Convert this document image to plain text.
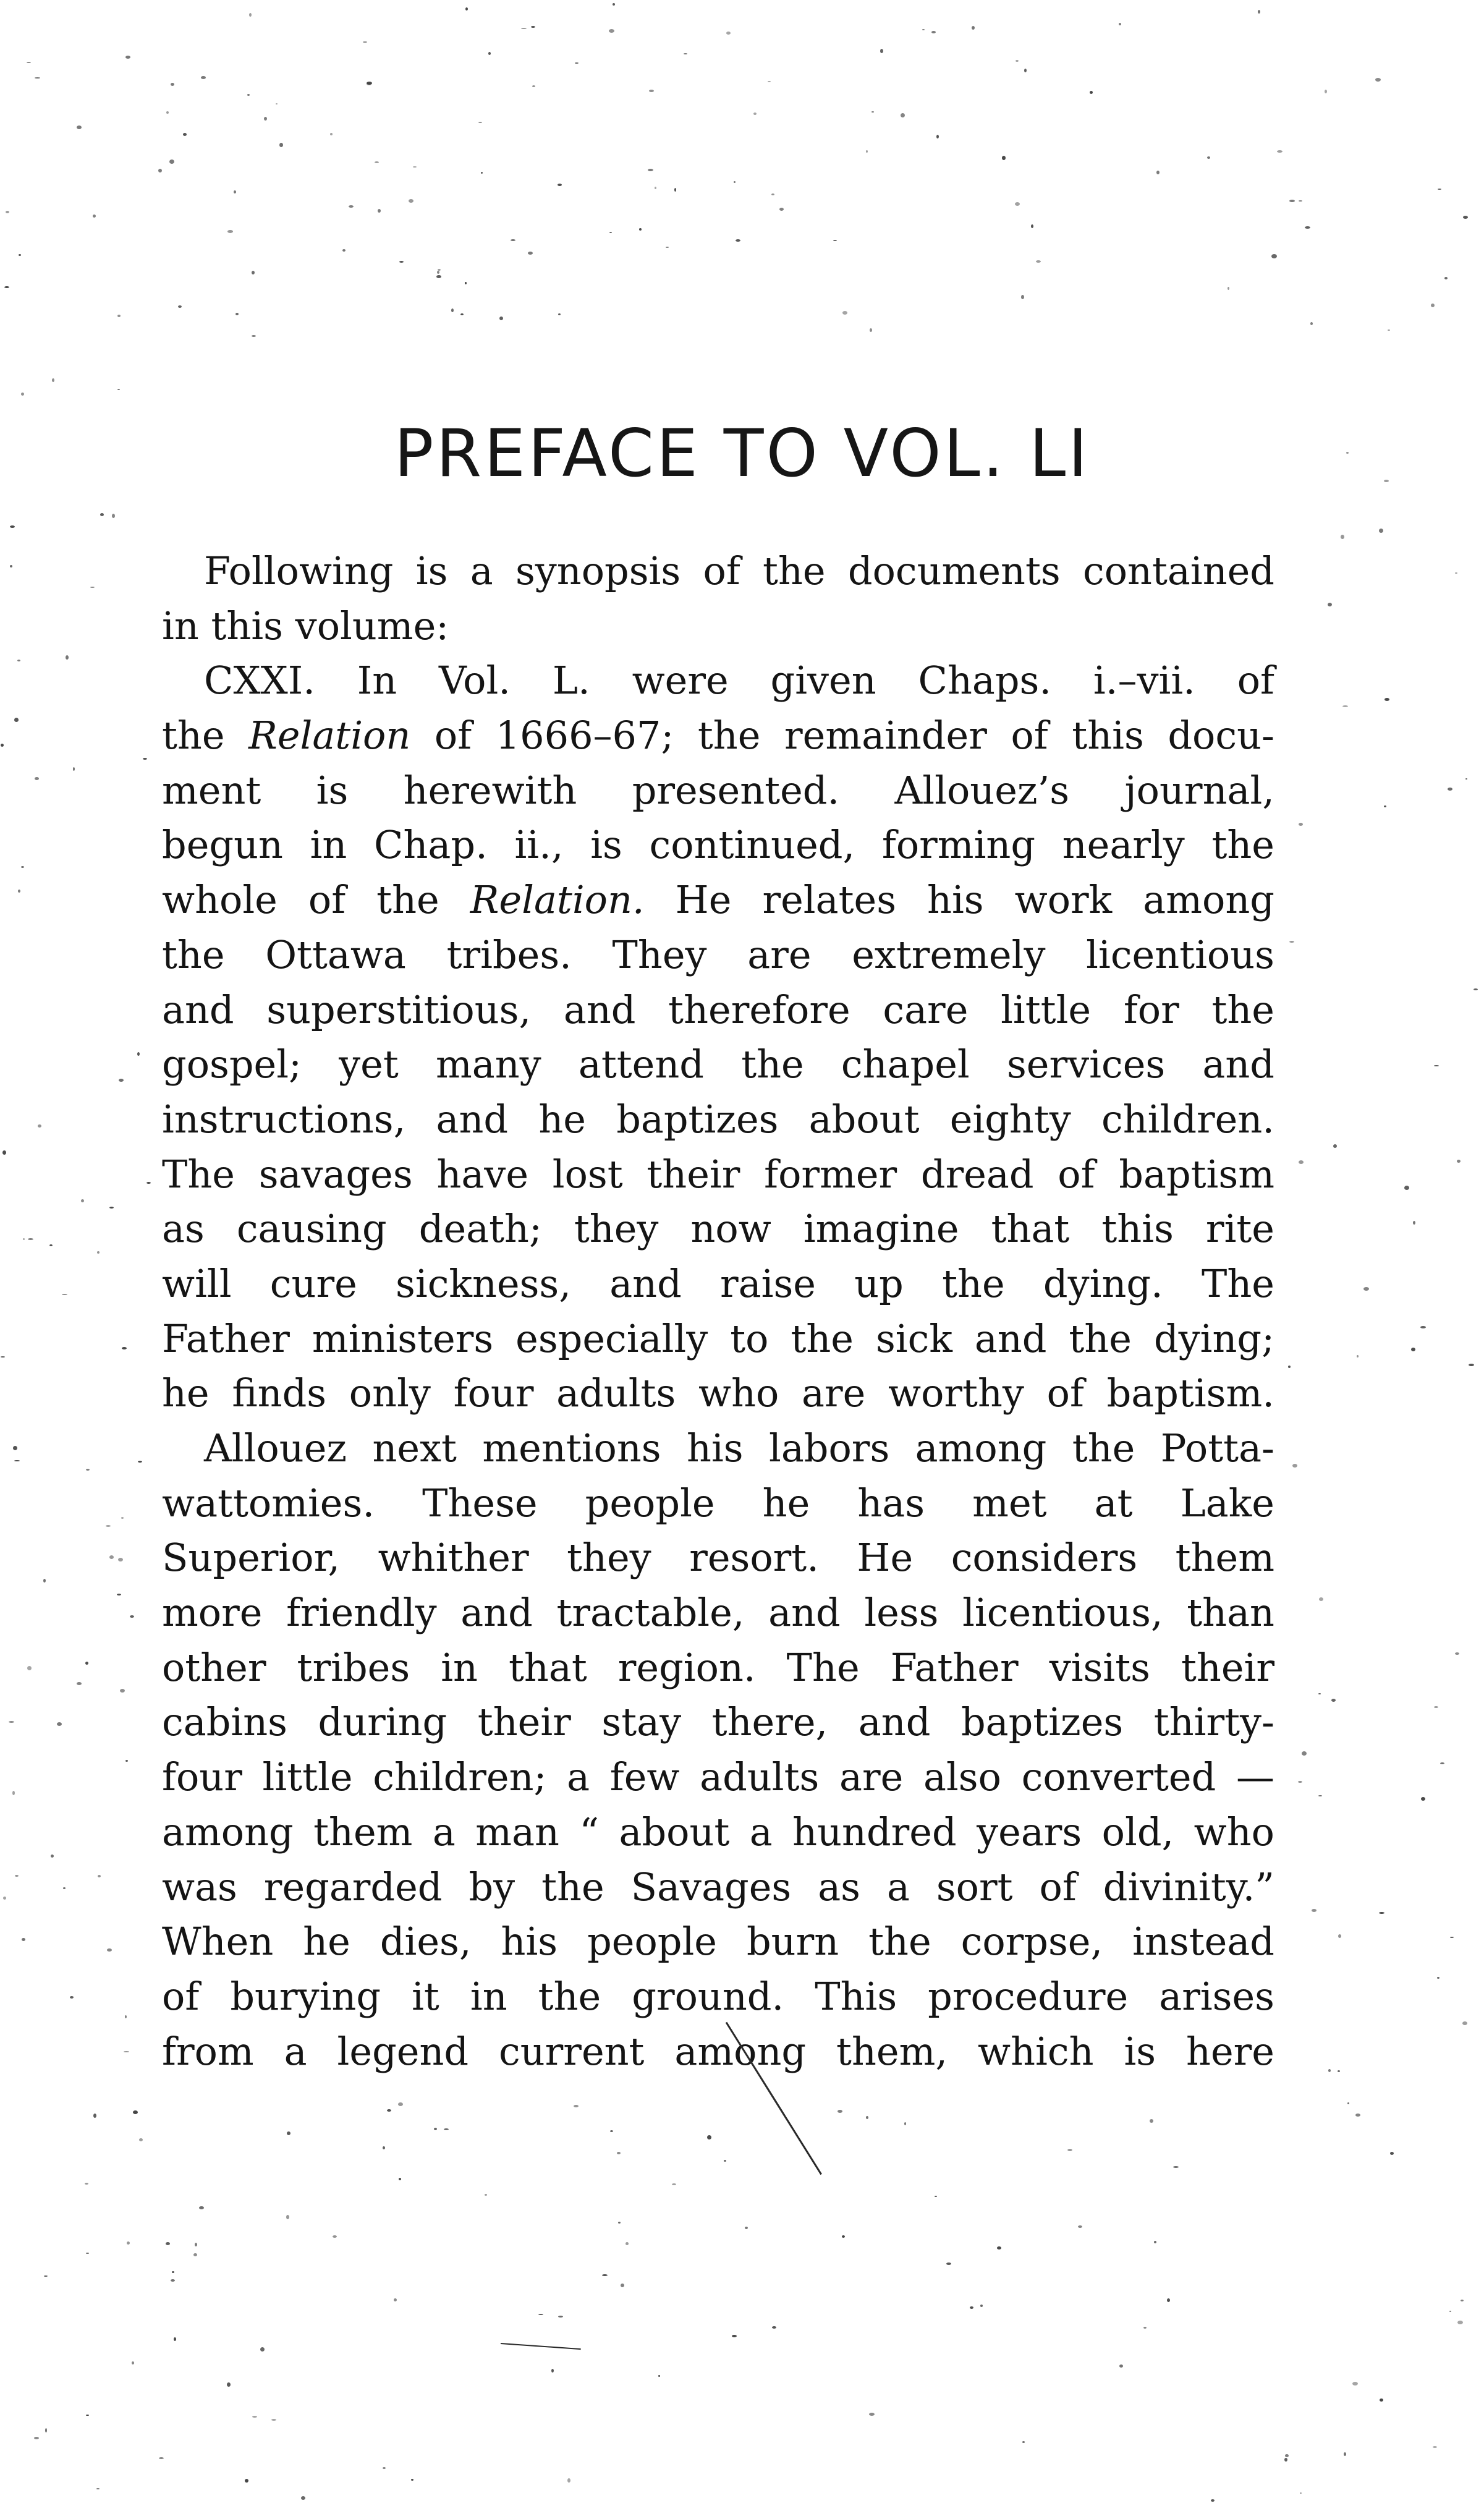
PREFACE TO VOL. LI
Following is a synopsis of the documents contained
in this volume:
CXXI. In Vol. L. were given Chaps. i.–vii. of
the Relation of 1666–67; the remainder of this docu-
ment is herewith presented. Allouez’s journal,
begun in Chap. ii., is continued, forming nearly the
whole of the Relation. He relates his work among
the Ottawa tribes. They are extremely licentious
and superstitious, and therefore care little for the
gospel; yet many attend the chapel services and
instructions, and he baptizes about eighty children.
The savages have lost their former dread of baptism
as causing death; they now imagine that this rite
will cure sickness, and raise up the dying. The
Father ministers especially to the sick and the dying;
he finds only four adults who are worthy of baptism.
Allouez next mentions his labors among the Potta-
wattomies. These people he has met at Lake
Superior, whither they resort. He considers them
more friendly and tractable, and less licentious, than
other tribes in that region. The Father visits their
cabins during their stay there, and baptizes thirty-
four little children; a few adults are also converted —
among them a man “ about a hundred years old, who
was regarded by the Savages as a sort of divinity.”
When he dies, his people burn the corpse, instead
of burying it in the ground. This procedure arises
from a legend current among them, which is here
